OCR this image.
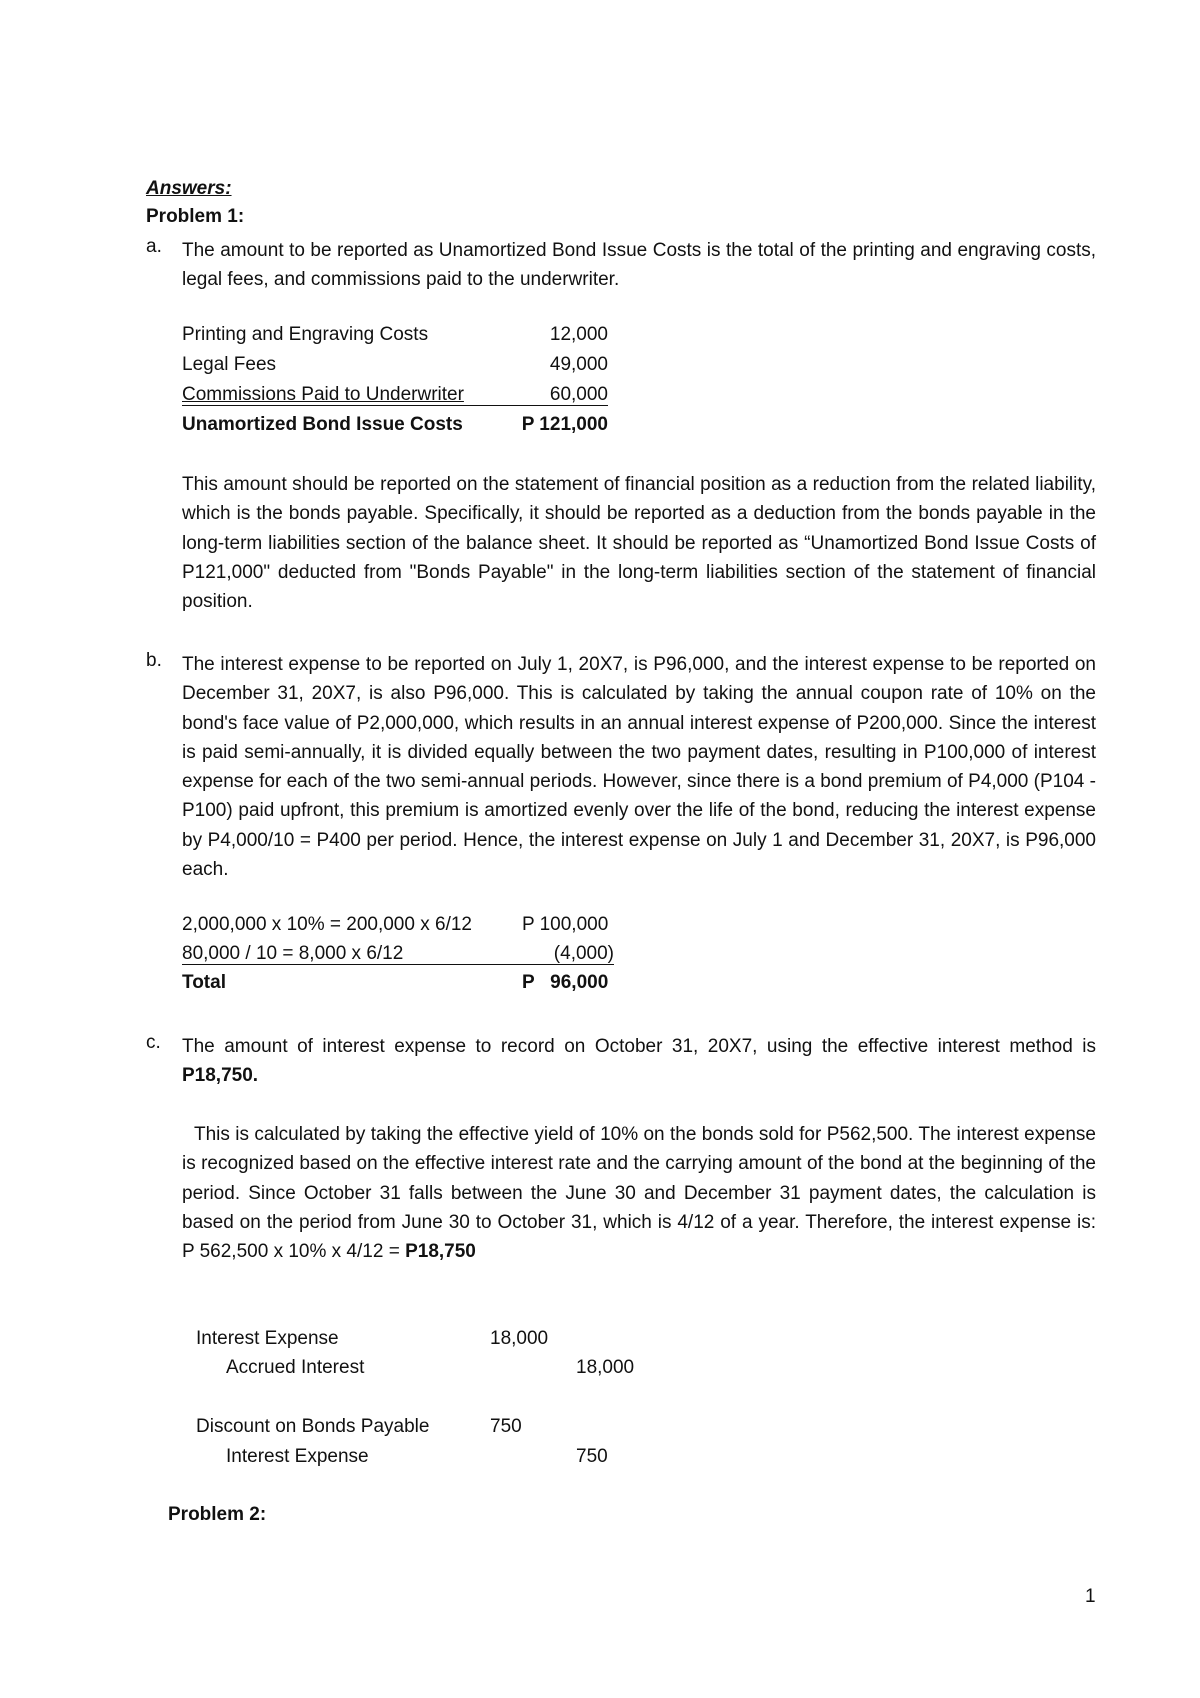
Answers:
Problem 1:
a. The amount to be reported as Unamortized Bond Issue Costs is the total of the printing and engraving costs, legal fees, and commissions paid to the underwriter.
Printing and Engraving Costs	12,000
Legal Fees	49,000
Commissions Paid to Underwriter	60,000
Unamortized Bond Issue Costs	P 121,000
This amount should be reported on the statement of financial position as a reduction from the related liability, which is the bonds payable. Specifically, it should be reported as a deduction from the bonds payable in the long-term liabilities section of the balance sheet. It should be reported as “Unamortized Bond Issue Costs of P121,000" deducted from "Bonds Payable" in the long-term liabilities section of the statement of financial position.
b. The interest expense to be reported on July 1, 20X7, is P96,000, and the interest expense to be reported on December 31, 20X7, is also P96,000. This is calculated by taking the annual coupon rate of 10% on the bond's face value of P2,000,000, which results in an annual interest expense of P200,000. Since the interest is paid semi-annually, it is divided equally between the two payment dates, resulting in P100,000 of interest expense for each of the two semi-annual periods. However, since there is a bond premium of P4,000 (P104 - P100) paid upfront, this premium is amortized evenly over the life of the bond, reducing the interest expense by P4,000/10 = P400 per period. Hence, the interest expense on July 1 and December 31, 20X7, is P96,000 each.
2,000,000 x 10% = 200,000 x 6/12	P 100,000
80,000 / 10 = 8,000 x 6/12	(4,000)
Total	P   96,000
c. The amount of interest expense to record on October 31, 20X7, using the effective interest method is P18,750.
This is calculated by taking the effective yield of 10% on the bonds sold for P562,500. The interest expense is recognized based on the effective interest rate and the carrying amount of the bond at the beginning of the period. Since October 31 falls between the June 30 and December 31 payment dates, the calculation is based on the period from June 30 to October 31, which is 4/12 of a year. Therefore, the interest expense is: P 562,500 x 10% x 4/12 = P18,750
Interest Expense	18,000
Accrued Interest	18,000
Discount on Bonds Payable	750
Interest Expense	750
Problem 2:
1
